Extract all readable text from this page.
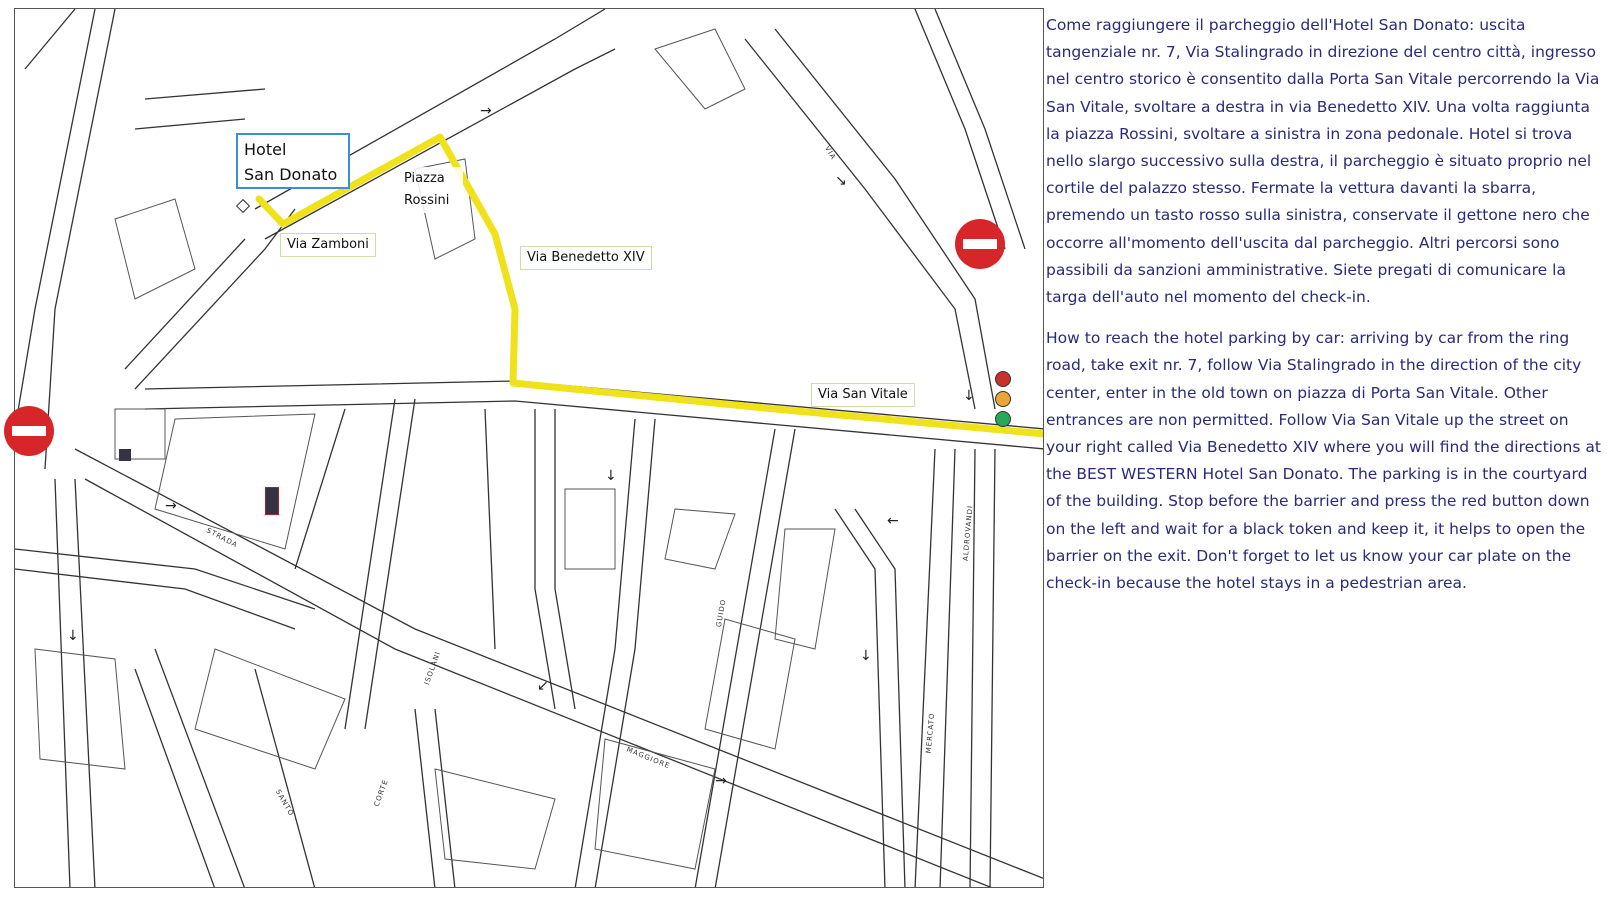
Hotel
San Donato	Piazza Rossini
Via Zamboni
Via Benedetto XIV
Via San Vitale
STRADA
MAGGIORE
CORTE
ISOLANI
GUIDO
ALDROVANDI
MERCATO
SANTO
VIA
→
↘
↓
→
→
↓
↓
↓
↙
←

Come raggiungere il parcheggio dell'Hotel San Donato: uscita tangenziale nr. 7, Via Stalingrado in direzione del centro città, ingresso nel centro storico è consentito dalla Porta San Vitale percorrendo la Via San Vitale, svoltare a destra in via Benedetto XIV. Una volta raggiunta la piazza Rossini, svoltare a sinistra in zona pedonale. Hotel si trova nello slargo successivo sulla destra, il parcheggio è situato proprio nel cortile del palazzo stesso. Fermate la vettura davanti la sbarra, premendo un tasto rosso sulla sinistra, conservate il gettone nero che occorre all'momento dell'uscita dal parcheggio. Altri percorsi sono passibili da sanzioni amministrative. Siete pregati di comunicare la targa dell'auto nel momento del check-in.

How to reach the hotel parking by car: arriving by car from the ring road, take exit nr. 7, follow Via Stalingrado in the direction of the city center, enter in the old town on piazza di Porta San Vitale. Other entrances are non permitted. Follow Via San Vitale up the street on your right called Via Benedetto XIV where you will find the directions at the BEST WESTERN Hotel San Donato. The parking is in the courtyard of the building. Stop before the barrier and press the red button down on the left and wait for a black token and keep it, it helps to open the barrier on the exit. Don't forget to let us know your car plate on the check-in because the hotel stays in a pedestrian area.
